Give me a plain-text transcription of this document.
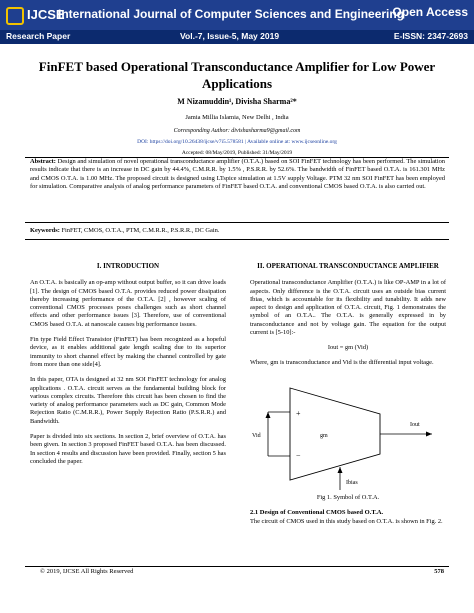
IJCSE
International Journal of Computer Sciences and Engineering
Open Access
Research Paper	Vol.-7, Issue-5, May 2019	E-ISSN: 2347-2693
FinFET based Operational Transconductance Amplifier for Low Power Applications
M Nizamuddin¹, Divisha Sharma²*
Jamia Millia Islamia, New Delhi , India
Corresponding Author: divishasharma9@gmail.com
DOI: https://doi.org/10.26438/ijcse/v7i5.578581 | Available online at: www.ijcseonline.org
Accepted: 08/May/2019, Published: 31/May/2019
Abstract: Design and simulation of novel operational transconductance amplifier (O.T.A.) based on SOI FinFET technology has been performed. The simulation results indicate that there is an increase in DC gain by 44.4%, C.M.R.R. by 1.5% , P.S.R.R. by 52.6%. The bandwidth of FinFET based O.T.A. is 161.301 MHz and CMOS O.T.A. is 1.00 MHz. The proposed circuit is designed using LTspice simulation at 1.5V supply Voltage. PTM 32 nm SOI FinFET has been employed for simulation. Comparative analysis of analog performance parameters of FinFET based O.T.A. and conventional CMOS based O.T.A. is also carried out.
Keywords: FinFET, CMOS, O.T.A., PTM, C.M.R.R., P.S.R.R., DC Gain.
I. INTRODUCTION

An O.T.A. is basically an op-amp without output buffer, so it can drive loads [1]. The design of CMOS based O.T.A. provides reduced power dissipation thereby increasing performance of the O.T.A. [2] , however scaling of conventional CMOS processes poses challenges such as short channel effects and other performance issues [3]. Therefore, use of conventional CMOS based O.T.A. at nanoscale causes big performance issues.

Fin type Field Effect Transistor (FinFET) has been recognized as a hopeful device, as it enables additional gate length scaling due to its superior immunity to short channel effect by making the channel controlled by gate from more than one side[4].

In this paper, OTA is designed at 32 nm SOI FinFET technology for analog applications . O.T.A. circuit serves as the fundamental building block for various complex circuits. Therefore this circuit has been chosen to find the variety of analog performance parameters such as DC gain, Common Mode Rejection Ratio (C.M.R.R.), Power Supply Rejection Ratio (P.S.R.R.) and Bandwidth.

Paper is divided into six sections. In section 2, brief overview of O.T.A. has been given. In section 3 proposed FinFET based O.T.A. has been discussed. In section 4 results and discussion have been provided. Finally, section 5 has concluded the paper.

II. OPERATIONAL TRANSCONDUCTANCE AMPLIFIER

Operational transconductance Amplifier (O.T.A.) is like OP-AMP in a lot of aspects. Only difference is the O.T.A. circuit uses an outside bias current Ibias, which is accountable for its flexibility and tunability. It adds new aspect to design and application of O.T.A. circuit, Fig. 1 demonstrates the symbol of an O.T.A.. The O.T.A. is generally expressed in by transconductance and not by voltage gain. The equation for the output current is [5-10]:-

Iout = gm (Vid)

Where, gm is transconductance and Vid is the differential input voltage.

+
−
Vid	gm
Iout
Ibias
Fig 1. Symbol of O.T.A.
2.1 Design of Conventional CMOS based O.T.A.

The circuit of CMOS used in this study based on O.T.A. is shown in Fig. 2.

© 2019, IJCSE All Rights Reserved	578
